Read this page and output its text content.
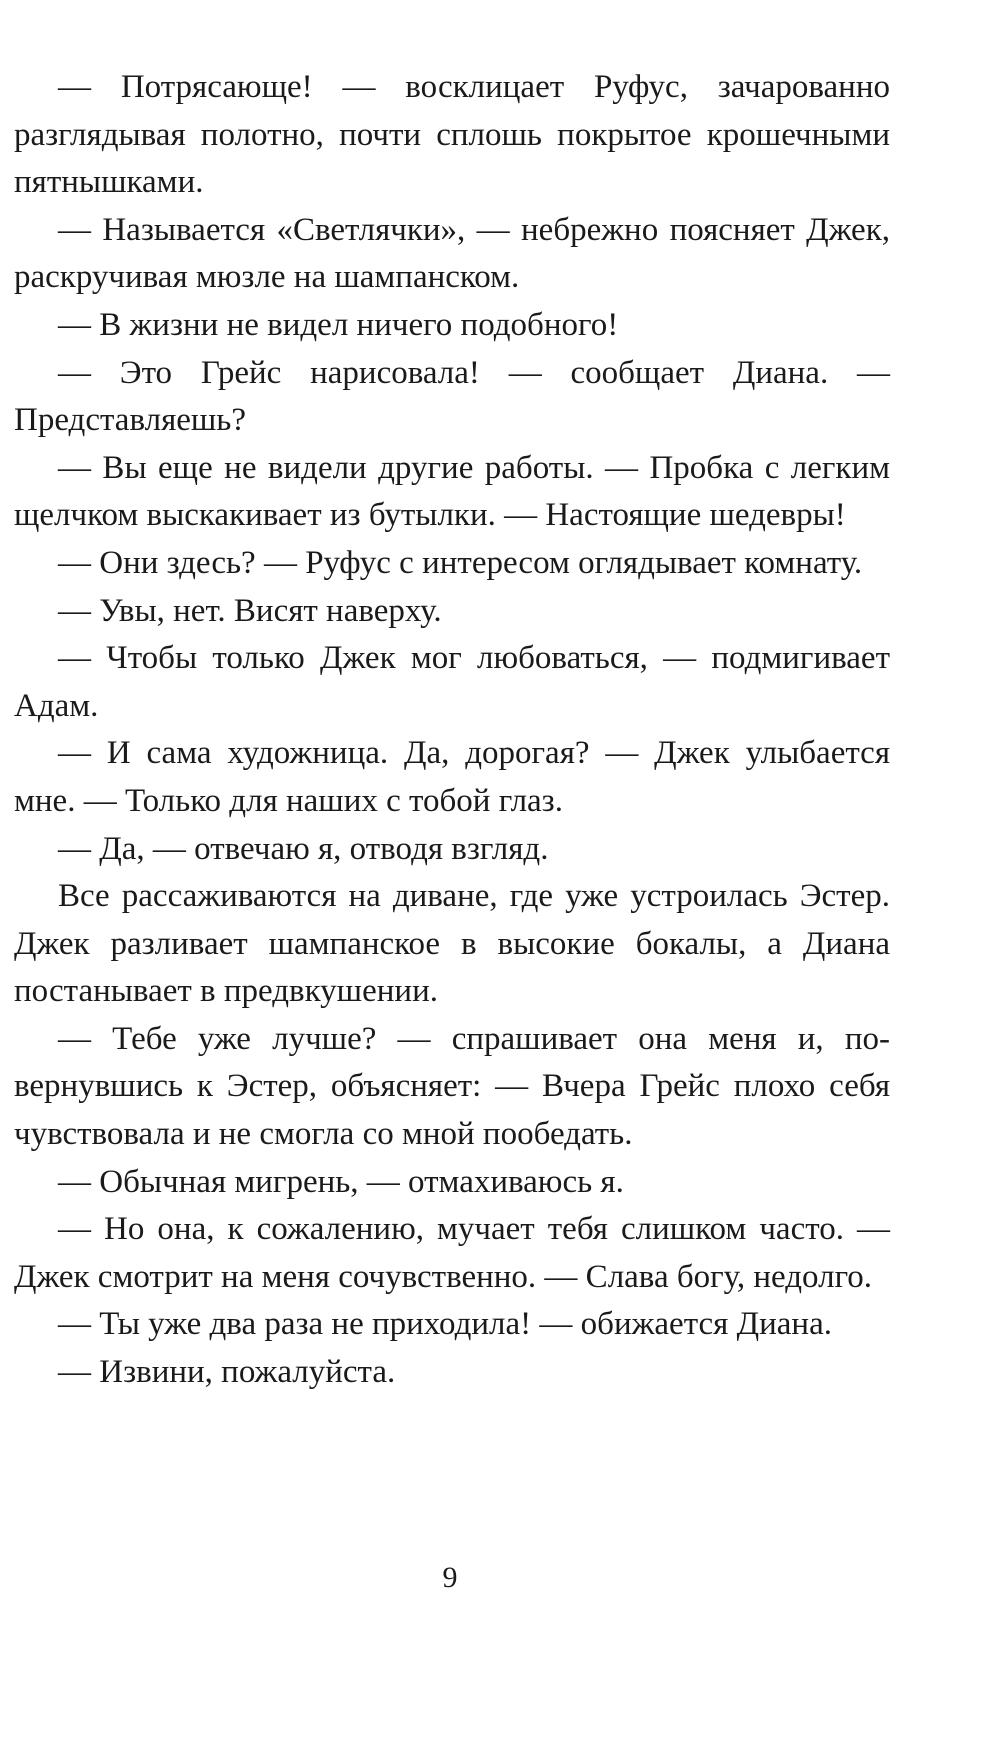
— Потрясающе! — восклицает Руфус, зачарованно разглядывая полотно, почти сплошь покрытое крошечными пятнышками.

— Называется «Светлячки», — небрежно поясняет Джек, раскручивая мюзле на шампанском.

— В жизни не видел ничего подобного!

— Это Грейс нарисовала! — сообщает Диана. — Представляешь?

— Вы еще не видели другие работы. — Пробка с легким щелчком выскакивает из бутылки. — Настоящие шедевры!

— Они здесь? — Руфус с интересом оглядывает комнату.

— Увы, нет. Висят наверху.

— Чтобы только Джек мог любоваться, — подмигивает Адам.

— И сама художница. Да, дорогая? — Джек улыбается мне. — Только для наших с тобой глаз.

— Да, — отвечаю я, отводя взгляд.

Все рассаживаются на диване, где уже устроилась Эстер. Джек разливает шампанское в высокие бокалы, а Диана постанывает в предвкушении.

— Тебе уже лучше? — спрашивает она меня и, повернувшись к Эстер, объясняет: — Вчера Грейс плохо себя чувствовала и не смогла со мной пообедать.

— Обычная мигрень, — отмахиваюсь я.

— Но она, к сожалению, мучает тебя слишком часто. — Джек смотрит на меня сочувственно. — Слава богу, недолго.

— Ты уже два раза не приходила! — обижается Диана.

— Извини, пожалуйста.

9
